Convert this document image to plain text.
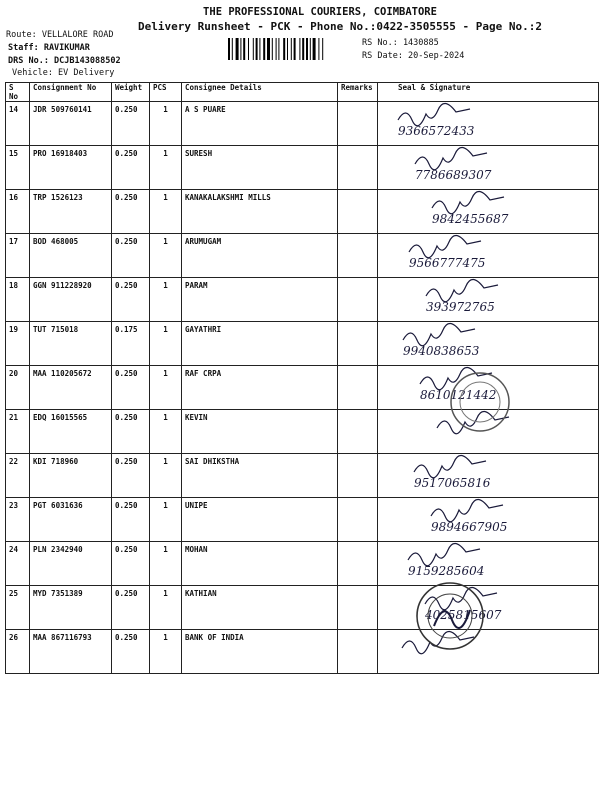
THE PROFESSIONAL COURIERS, COIMBATORE
Delivery Runsheet - PCK - Phone No.:0422-3505555 - Page No.:2
Route: VELLALORE ROAD
Staff: RAVIKUMAR
DRS No.: DCJB143088502
Vehicle: EV Delivery
RS No.: 1430885
RS Date: 20-Sep-2024
S No	Consignment No	Weight	PCS	Consignee Details	Remarks	Seal & Signature
14	JDR 509760141	0.250	1	A S PUARE		9366572433

15	PRO 16918403	0.250	1	SURESH		7786689307

16	TRP 1526123	0.250	1	KANAKALAKSHMI MILLS		9842455687

17	BOD 468005	0.250	1	ARUMUGAM		9566777475

18	GGN 911228920	0.250	1	PARAM		393972765

19	TUT 715018	0.175	1	GAYATHRI		9940838653

20	MAA 110205672	0.250	1	RAF CRPA		8610121442

21	EDQ 16015565	0.250	1	KEVIN		

22	KDI 718960	0.250	1	SAI DHIKSTHA		9517065816

23	PGT 6031636	0.250	1	UNIPE		9894667905

24	PLN 2342940	0.250	1	MOHAN		9159285604

25	MYD 7351389	0.250	1	KATHIAN		4025815607

26	MAA 867116793	0.250	1	BANK OF INDIA		
